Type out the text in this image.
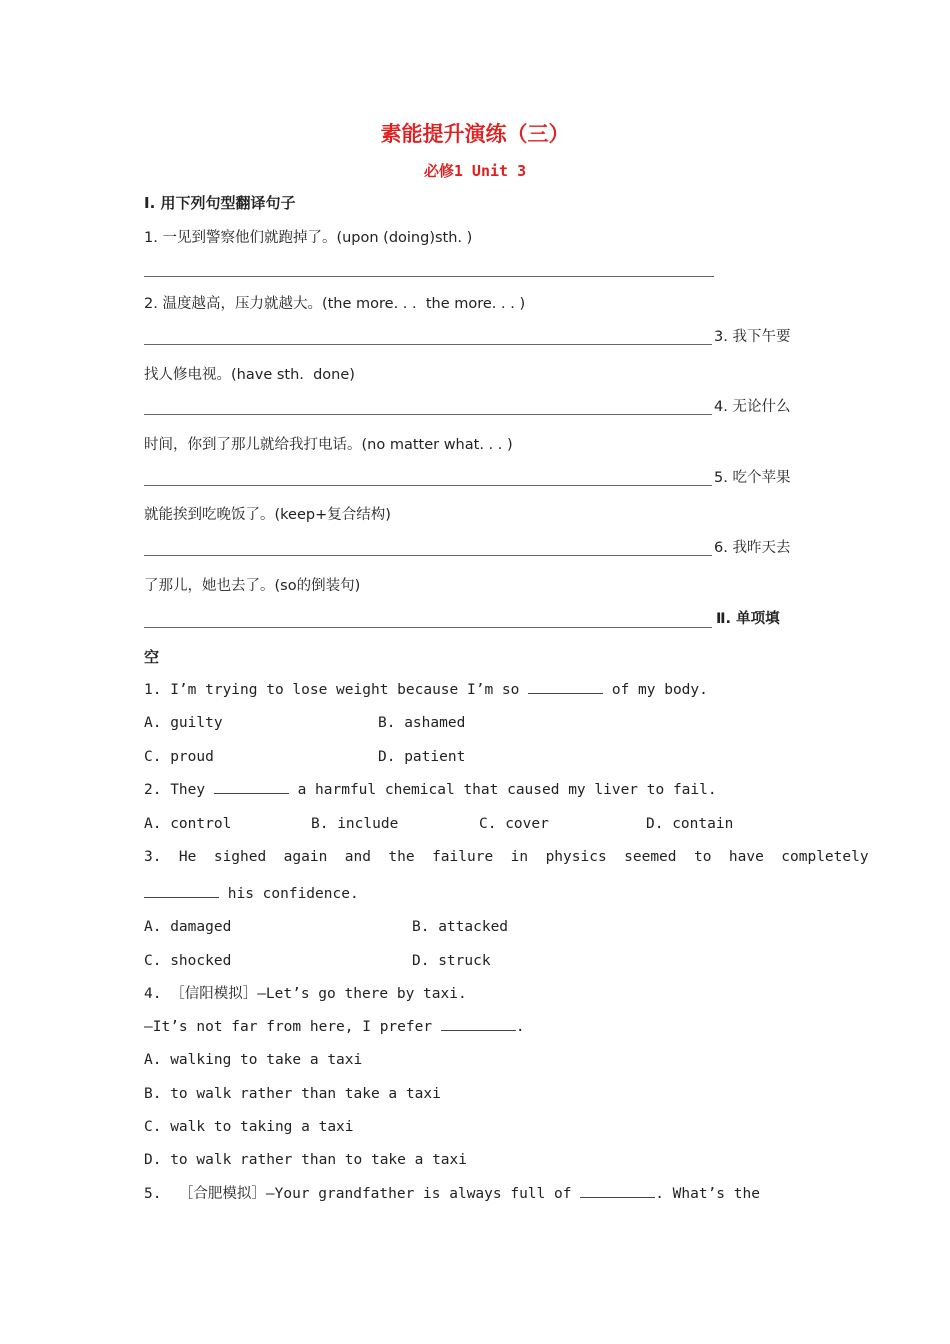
素能提升演练（三）
必修1 Unit 3
Ⅰ. 用下列句型翻译句子
1. 一见到警察他们就跑掉了。(upon (doing)sth. )
2. 温度越高，压力就越大。(the more. . .  the more. . . )
3. 我下午要
找人修电视。(have sth.  done)
4. 无论什么
时间，你到了那儿就给我打电话。(no matter what. . . )
5. 吃个苹果
就能挨到吃晚饭了。(keep+复合结构)
6. 我昨天去
了那儿，她也去了。(so的倒装句)
Ⅱ. 单项填
空
1. I’m trying to lose weight because I’m so	of my body.
A. guilty	B. ashamed
C. proud	D. patient
2. They	a harmful chemical that caused my liver to fail.
A. control	B. include	C. cover	D. contain
3.  He  sighed  again  and  the  failure  in  physics  seemed  to  have  completely
his confidence.
A. damaged	B. attacked
C. shocked	D. struck
4. ［信阳模拟］—Let’s go there by taxi.
—It’s not far from here, I prefer	.
A. walking to take a taxi
B. to walk rather than take a taxi
C. walk to taking a taxi
D. to walk rather than to take a taxi
5.  ［合肥模拟］—Your grandfather is always full of	. What’s the
